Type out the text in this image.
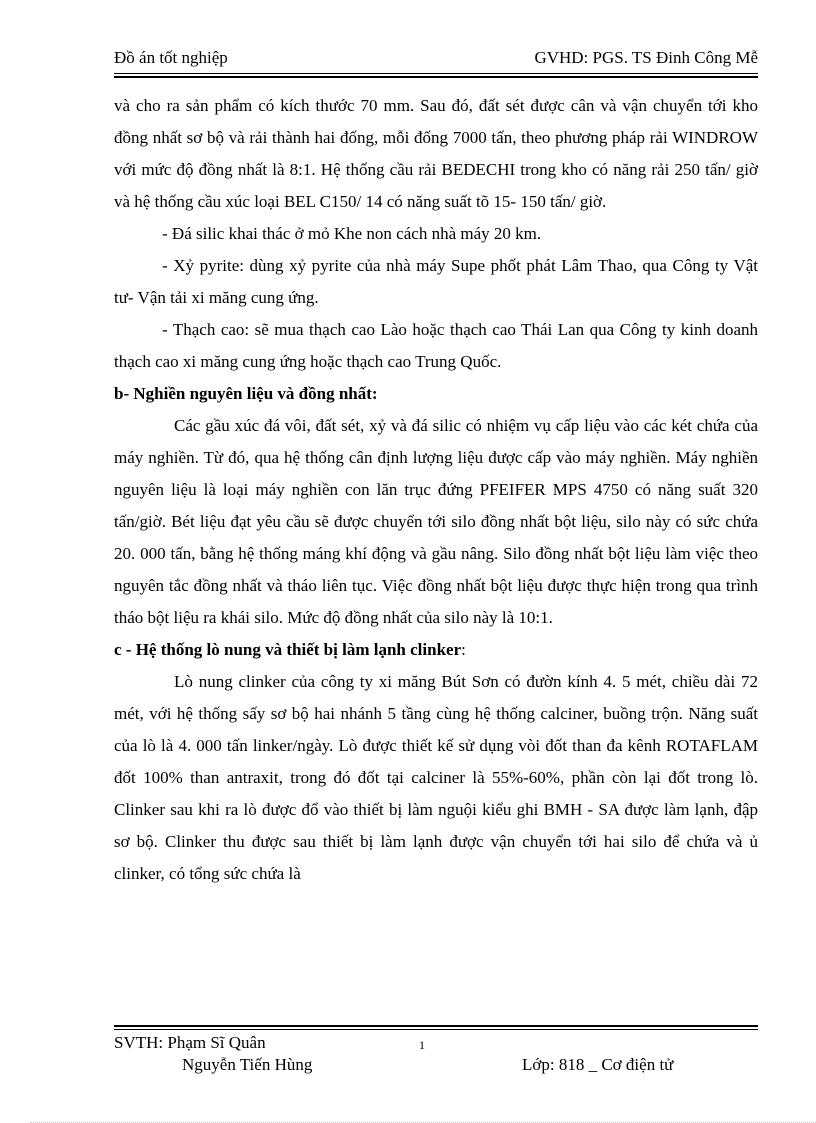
Đồ án tốt nghiệp	GVHD: PGS. TS Đinh Công Mễ

và cho ra sản phẩm có kích thước 70 mm. Sau đó, đất sét được cân và vận chuyển tới kho đồng nhất sơ bộ và rải thành hai đống, mỗi đống 7000 tấn, theo phương pháp rải WINDROW với mức độ đồng nhất là 8:1. Hệ thống cầu rải BEDECHI trong kho có năng rải 250 tấn/ giờ và hệ thống cầu xúc loại BEL C150/ 14 có năng suất tõ 15- 150 tấn/ giờ.

- Đá silic khai thác ở mỏ Khe non cách nhà máy 20 km.

- Xỷ pyrite: dùng xỷ pyrite của nhà máy Supe phốt phát Lâm Thao, qua Công ty Vật tư- Vận tải xi măng cung ứng.

- Thạch cao: sẽ mua thạch cao Lào hoặc thạch cao Thái Lan qua Công ty kinh doanh thạch cao xi măng cung ứng hoặc thạch cao Trung Quốc.

b- Nghiền nguyên liệu và đồng nhất:

Các gầu xúc đá vôi, đất sét, xỷ và đá silic có nhiệm vụ cấp liệu vào các két chứa của máy nghiền. Từ đó, qua hệ thống cân định lượng liệu được cấp vào máy nghiền. Máy nghiền nguyên liệu là loại máy nghiền con lăn trục đứng PFEIFER MPS 4750 có năng suất 320 tấn/giờ. Bét liệu đạt yêu cầu sẽ được chuyển tới silo đồng nhất bột liệu, silo này có sức chứa 20. 000 tấn, bằng hệ thống máng khí động và gầu nâng. Silo đồng nhất bột liệu làm việc theo nguyên tắc đồng nhất và tháo liên tục. Việc đồng nhất bột liệu được thực hiện trong qua trình tháo bột liệu ra khái silo. Mức độ đồng nhất của silo này là 10:1.

c - Hệ thống lò nung và thiết bị làm lạnh clinker:

Lò nung clinker của công ty xi măng Bút Sơn có đườn kính 4. 5 mét, chiều dài 72 mét, với hệ thống sấy sơ bộ hai nhánh 5 tầng cùng hệ thống calciner, buồng trộn. Năng suất của lò là 4. 000 tấn linker/ngày. Lò được thiết kế sử dụng vòi đốt than đa kênh ROTAFLAM đốt 100% than antraxit, trong đó đốt tại calciner là 55%-60%, phần còn lại đốt trong lò. Clinker sau khi ra lò được đổ vào thiết bị làm nguội kiểu ghi BMH - SA được làm lạnh, đập sơ bộ. Clinker thu được sau thiết bị làm lạnh được vận chuyển tới hai silo để chứa và ủ clinker, có tổng sức chứa là

SVTH: Phạm Sĩ Quân
Nguyễn Tiến Hùng
1
Lớp: 818 _ Cơ điện tử
